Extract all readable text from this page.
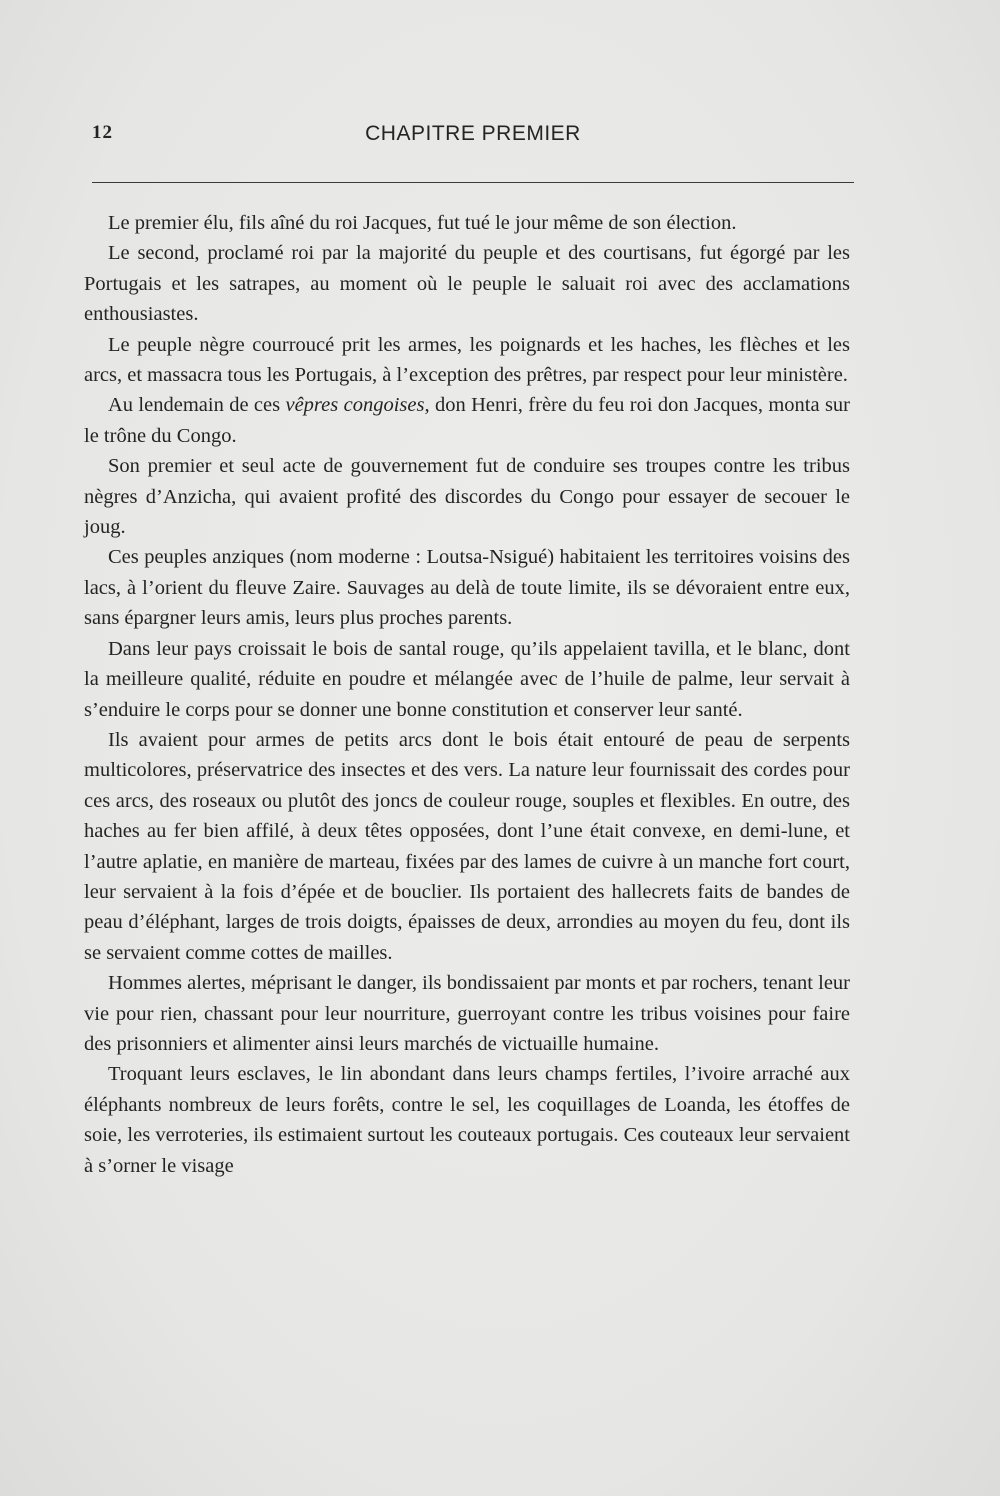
12	CHAPITRE PREMIER

Le premier élu, fils aîné du roi Jacques, fut tué le jour même de son élection.

Le second, proclamé roi par la majorité du peuple et des courtisans, fut égorgé par les Portugais et les satrapes, au moment où le peuple le saluait roi avec des acclamations enthousiastes.

Le peuple nègre courroucé prit les armes, les poignards et les haches, les flèches et les arcs, et massacra tous les Portugais, à l’exception des prêtres, par respect pour leur ministère.

Au lendemain de ces vêpres congoises, don Henri, frère du feu roi don Jacques, monta sur le trône du Congo.

Son premier et seul acte de gouvernement fut de conduire ses troupes contre les tribus nègres d’Anzicha, qui avaient profité des discordes du Congo pour essayer de secouer le joug.

Ces peuples anziques (nom moderne : Loutsa-Nsigué) habitaient les territoires voisins des lacs, à l’orient du fleuve Zaire. Sauvages au delà de toute limite, ils se dévoraient entre eux, sans épargner leurs amis, leurs plus proches parents.

Dans leur pays croissait le bois de santal rouge, qu’ils appelaient tavilla, et le blanc, dont la meilleure qualité, réduite en poudre et mélangée avec de l’huile de palme, leur servait à s’enduire le corps pour se donner une bonne constitution et conserver leur santé.

Ils avaient pour armes de petits arcs dont le bois était entouré de peau de serpents multicolores, préservatrice des insectes et des vers. La nature leur fournissait des cordes pour ces arcs, des roseaux ou plutôt des joncs de couleur rouge, souples et flexibles. En outre, des haches au fer bien affilé, à deux têtes opposées, dont l’une était convexe, en demi-lune, et l’autre aplatie, en manière de marteau, fixées par des lames de cuivre à un manche fort court, leur servaient à la fois d’épée et de bouclier. Ils portaient des hallecrets faits de bandes de peau d’éléphant, larges de trois doigts, épaisses de deux, arrondies au moyen du feu, dont ils se servaient comme cottes de mailles.

Hommes alertes, méprisant le danger, ils bondissaient par monts et par rochers, tenant leur vie pour rien, chassant pour leur nourriture, guerroyant contre les tribus voisines pour faire des prisonniers et alimenter ainsi leurs marchés de victuaille humaine.

Troquant leurs esclaves, le lin abondant dans leurs champs fertiles, l’ivoire arraché aux éléphants nombreux de leurs forêts, contre le sel, les coquillages de Loanda, les étoffes de soie, les verroteries, ils estimaient surtout les couteaux portugais. Ces couteaux leur servaient à s’orner le visage
